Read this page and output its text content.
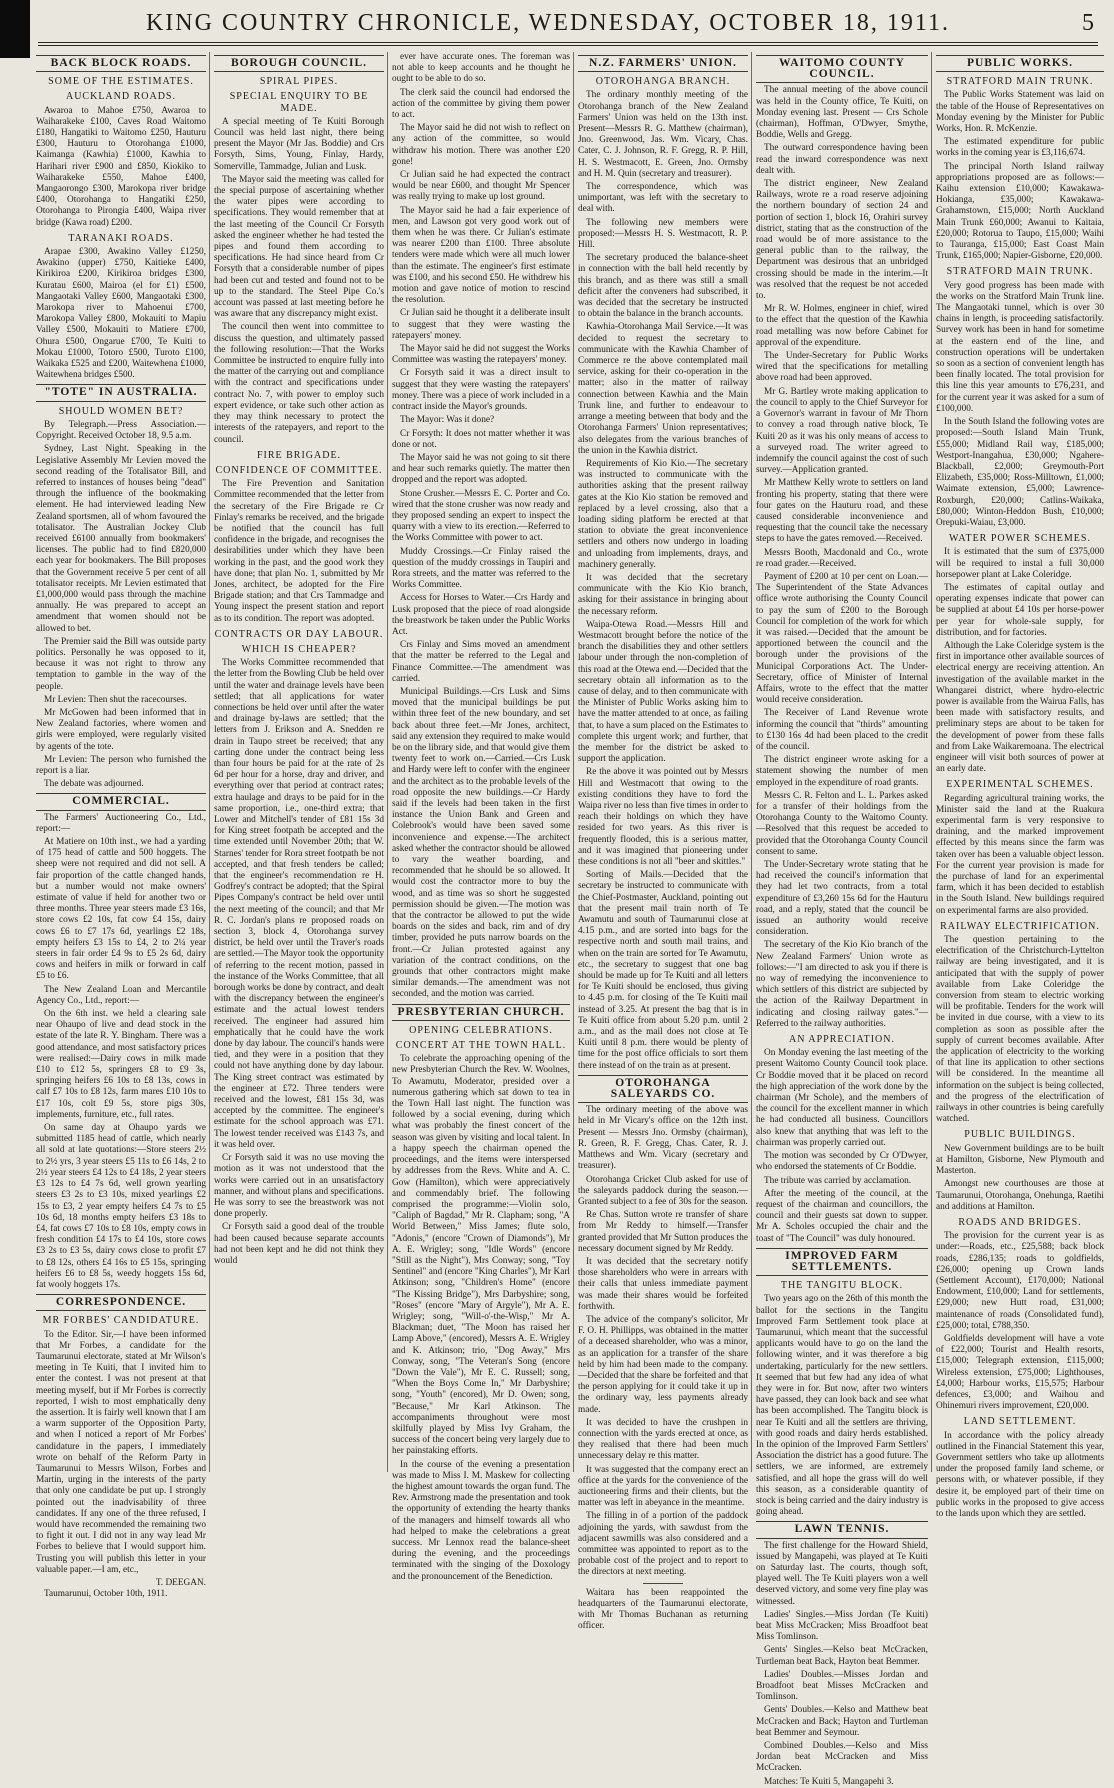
KING COUNTRY CHRONICLE, WEDNESDAY, OCTOBER 18, 1911.	5
BACK BLOCK ROADS.
SOME OF THE ESTIMATES.
AUCKLAND ROADS.

Awaroa to Mahoe £750, Awaroa to Waiharakeke £100, Caves Road Waitomo £180, Hangatiki to Waitomo £250, Hauturu £300, Hauturu to Otorohanga £1000, Kaimanga (Kawhia) £1000, Kawhia to Harihari river £900 and £850, Kiokiko to Waiharakeke £550, Mahoe £400, Mangaorongo £300, Marokopa river bridge £400, Otorohanga to Hangatiki £250, Otorohanga to Pirongia £400, Waipa river bridge (Kawa road) £200.

TARANAKI ROADS.

Arapae £300, Awakino Valley £1250, Awakino (upper) £750, Kaitieke £400, Kirikiroa £200, Kirikiroa bridges £300, Kuratau £600, Mairoa (el for £1) £500, Mangaotaki Valley £600, Mangaotaki £300, Marokopa river to Mahoenui £700, Marokopa Valley £800, Mokauiti to Mapiu Valley £500, Mokauiti to Matiere £700, Ohura £500, Ongarue £700, Te Kuiti to Mokau £1000, Totoro £500, Turoto £100, Waikaka £525 and £200, Waitewhena £1000, Waitewhena bridges £500.

"TOTE" IN AUSTRALIA.
SHOULD WOMEN BET?

By Telegraph.—Press Association.—Copyright. Received October 18, 9.5 a.m.

Sydney, Last Night. Speaking in the Legislative Assembly Mr Levien moved the second reading of the Totalisator Bill, and referred to instances of houses being "dead" through the influence of the bookmaking element. He had interviewed leading New Zealand sportsmen, all of whom favoured the totalisator. The Australian Jockey Club received £6100 annually from bookmakers' licenses. The public had to find £820,000 each year for bookmakers. The Bill proposes that the Government receive 5 per cent of all totalisator receipts. Mr Levien estimated that £1,000,000 would pass through the machine annually. He was prepared to accept an amendment that women should not be allowed to bet.

The Premier said the Bill was outside party politics. Personally he was opposed to it, because it was not right to throw any temptation to gamble in the way of the people.

Mr Levien: Then shut the racecourses.

Mr McGowen had been informed that in New Zealand factories, where women and girls were employed, were regularly visited by agents of the tote.

Mr Levien: The person who furnished the report is a liar.

The debate was adjourned.

COMMERCIAL.

The Farmers' Auctioneering Co., Ltd., report:—

At Matiere on 10th inst., we had a yarding of 175 head of cattle and 500 hoggets. The sheep were not required and did not sell. A fair proportion of the cattle changed hands, but a number would not make owners' estimate of value if held for another two or three months. Three year steers made £3 16s, store cows £2 10s, fat cow £4 15s, dairy cows £6 to £7 17s 6d, yearlings £2 18s, empty heifers £3 15s to £4, 2 to 2¼ year steers in fair order £4 9s to £5 2s 6d, dairy cows and heifers in milk or forward in calf £5 to £6.

The New Zealand Loan and Mercantile Agency Co., Ltd., report:—

On the 6th inst. we held a clearing sale near Ohaupo of live and dead stock in the estate of the late R. Y. Bingham. There was a good attendance, and most satisfactory prices were realised:—Dairy cows in milk made £10 to £12 5s, springers £8 to £9 3s, springing heifers £6 10s to £8 13s, cows in calf £7 10s to £8 12s, farm mares £10 10s to £17 10s, colt £9 5s, store pigs 30s, implements, furniture, etc., full rates.

On same day at Ohaupo yards we submitted 1185 head of cattle, which nearly all sold at late quotations:—Store steers 2½ to 2½ yrs, 3 year steers £5 11s to £6 14s, 2 to 2½ year steers £4 12s to £4 18s, 2 year steers £3 12s to £4 7s 6d, well grown yearling steers £3 2s to £3 10s, mixed yearlings £2 15s to £3, 2 year empty heifers £4 7s to £5 10s 6d, 18 months empty heifers £3 18s to £4, fat cows £7 10s to £8 10s, empty cows in fresh condition £4 17s to £4 10s, store cows £3 2s to £3 5s, dairy cows close to profit £7 to £8 12s, others £4 16s to £5 15s, springing heifers £6 to £8 5s, weedy hoggets 15s 6d, fat wooly hoggets 17s.

CORRESPONDENCE.
MR FORBES' CANDIDATURE.

To the Editor. Sir,—I have been informed that Mr Forbes, a candidate for the Taumarunui electorate, stated at Mr Wilson's meeting in Te Kuiti, that I invited him to enter the contest. I was not present at that meeting myself, but if Mr Forbes is correctly reported, I wish to most emphatically deny the assertion. It is fairly well known that I am a warm supporter of the Opposition Party, and when I noticed a report of Mr Forbes' candidature in the papers, I immediately wrote on behalf of the Reform Party in Taumarunui to Messrs Wilson, Forbes and Martin, urging in the interests of the party that only one candidate be put up. I strongly pointed out the inadvisability of three candidates. If any one of the three refused, I would have recommended the remaining two to fight it out. I did not in any way lead Mr Forbes to believe that I would support him. Trusting you will publish this letter in your valuable paper.—I am, etc.,

T. DEEGAN.

Taumarunui, October 10th, 1911.

BOROUGH COUNCIL.
SPIRAL PIPES.
SPECIAL ENQUIRY TO BE MADE.

A special meeting of Te Kuiti Borough Council was held last night, there being present the Mayor (Mr Jas. Boddie) and Crs Forsyth, Sims, Young, Finlay, Hardy, Somerville, Tammadge, Julian and Lusk.

The Mayor said the meeting was called for the special purpose of ascertaining whether the water pipes were according to specifications. They would remember that at the last meeting of the Council Cr Forsyth asked the engineer whether he had tested the pipes and found them according to specifications. He had since heard from Cr Forsyth that a considerable number of pipes had been cut and tested and found not to be up to the standard. The Steel Pipe Co.'s account was passed at last meeting before he was aware that any discrepancy might exist.

The council then went into committee to discuss the question, and ultimately passed the following resolution:—That the Works Committee be instructed to enquire fully into the matter of the carrying out and compliance with the contract and specifications under contract No. 7, with power to employ such expert evidence, or take such other action as they may think necessary to protect the interests of the ratepayers, and report to the council.

FIRE BRIGADE.
CONFIDENCE OF COMMITTEE.

The Fire Prevention and Sanitation Committee recommended that the letter from the secretary of the Fire Brigade re Cr Finlay's remarks be received, and the brigade be notified that the council has full confidence in the brigade, and recognises the desirabilities under which they have been working in the past, and the good work they have done; that plan No. 1, submitted by Mr Jones, architect, be adopted for the Fire Brigade station; and that Crs Tammadge and Young inspect the present station and report as to its condition. The report was adopted.

CONTRACTS OR DAY LABOUR.
WHICH IS CHEAPER?

The Works Committee recommended that the letter from the Bowling Club be held over until the water and drainage levels have been settled; that all applications for water connections be held over until after the water and drainage by-laws are settled; that the letters from J. Erikson and A. Snedden re drain in Taupo street be received; that any carting done under the contract being less than four hours be paid for at the rate of 2s 6d per hour for a horse, dray and driver, and everything over that period at contract rates; extra haulage and drays to be paid for in the same proportion, i.e., one-third extra; that Lower and Mitchell's tender of £81 15s 3d for King street footpath be accepted and the time extended until November 20th; that W. Starnes' tender for Rora street footpath be not accepted, and that fresh tenders be called; that the engineer's recommendation re H. Godfrey's contract be adopted; that the Spiral Pipes Company's contract be held over until the next meeting of the council; and that Mr R. C. Jordan's plans re proposed roads on section 3, block 4, Otorohanga survey district, be held over until the Traver's roads are settled.—The Mayor took the opportunity of referring to the recent motion, passed in the instance of the Works Committee, that all borough works be done by contract, and dealt with the discrepancy between the engineer's estimate and the actual lowest tenders received. The engineer had assured him emphatically that he could have the work done by day labour. The council's hands were tied, and they were in a position that they could not have anything done by day labour. The King street contract was estimated by the engineer at £72. Three tenders were received and the lowest, £81 15s 3d, was accepted by the committee. The engineer's estimate for the school approach was £71. The lowest tender received was £143 7s, and it was held over.

Cr Forsyth said it was no use moving the motion as it was not understood that the works were carried out in an unsatisfactory manner, and without plans and specifications. He was sorry to see the breastwork was not done properly.

Cr Forsyth said a good deal of the trouble had been caused because separate accounts had not been kept and he did not think they would

ever have accurate ones. The foreman was not able to keep accounts and he thought he ought to be able to do so.

The clerk said the council had endorsed the action of the committee by giving them power to act.

The Mayor said he did not wish to reflect on any action of the committee, so would withdraw his motion. There was another £20 gone!

Cr Julian said he had expected the contract would be near £600, and thought Mr Spencer was really trying to make up lost ground.

The Mayor said he had a fair experience of men, and Lawson got very good work out of them when he was there. Cr Julian's estimate was nearer £200 than £100. Three absolute tenders were made which were all much lower than the estimate. The engineer's first estimate was £100, and his second £50. He withdrew his motion and gave notice of motion to rescind the resolution.

Cr Julian said he thought it a deliberate insult to suggest that they were wasting the ratepayers' money.

The Mayor said he did not suggest the Works Committee was wasting the ratepayers' money.

Cr Forsyth said it was a direct insult to suggest that they were wasting the ratepayers' money. There was a piece of work included in a contract inside the Mayor's grounds.

The Mayor: Was it done?

Cr Forsyth: It does not matter whether it was done or not.

The Mayor said he was not going to sit there and hear such remarks quietly. The matter then dropped and the report was adopted.

Stone Crusher.—Messrs E. C. Porter and Co. wired that the stone crusher was now ready and they proposed sending an expert to inspect the quarry with a view to its erection.—Referred to the Works Committee with power to act.

Muddy Crossings.—Cr Finlay raised the question of the muddy crossings in Taupiri and Rora streets, and the matter was referred to the Works Committee.

Access for Horses to Water.—Crs Hardy and Lusk proposed that the piece of road alongside the breastwork be taken under the Public Works Act.

Crs Finlay and Sims moved an amendment that the matter be referred to the Legal and Finance Committee.—The amendment was carried.

Municipal Buildings.—Crs Lusk and Sims moved that the municipal buildings be put within three feet of the new boundary, and set back about three feet.—Mr Jones, architect, said any extension they required to make would be on the library side, and that would give them twenty feet to work on.—Carried.—Crs Lusk and Hardy were left to confer with the engineer and the architect as to the probable levels of the road opposite the new buildings.—Cr Hardy said if the levels had been taken in the first instance the Union Bank and Green and Colebrook's would have been saved some inconvenience and expense.—The architect asked whether the contractor should be allowed to vary the weather boarding, and recommended that he should be so allowed. It would cost the contractor more to buy the wood, and as time was so short he suggested permission should be given.—The motion was that the contractor be allowed to put the wide boards on the sides and back, rim and of dry timber, provided he puts narrow boards on the front.—Cr Julian protested against any variation of the contract conditions, on the grounds that other contractors might make similar demands.—The amendment was not seconded, and the motion was carried.

PRESBYTERIAN CHURCH.
OPENING CELEBRATIONS.
CONCERT AT THE TOWN HALL.

To celebrate the approaching opening of the new Presbyterian Church the Rev. W. Woolnes, To Awamutu, Moderator, presided over a numerous gathering which sat down to tea in the Town Hall last night. The function was followed by a social evening, during which what was probably the finest concert of the season was given by visiting and local talent. In a happy speech the chairman opened the proceedings, and the items were interspersed by addresses from the Revs. White and A. C. Gow (Hamilton), which were appreciatively and commendably brief. The following comprised the programme:—Violin solo, "Caliph of Bagdad," Mr R. Clapham; song, "A World Between," Miss James; flute solo, "Adonis," (encore "Crown of Diamonds"), Mr A. E. Wrigley; song, "Idle Words" (encore "Still as the Night"), Mrs Conway; song, "Toy Sentinel" and (encore "King Charles"), Mr Karl Atkinson; song, "Children's Home" (encore "The Kissing Bridge"), Mrs Darbyshire; song, "Roses" (encore "Mary of Argyle"), Mr A. E. Wrigley; song, "Will-o'-the-Wisp," Mr A. Blackman; duet, "The Moon has raised her Lamp Above," (encored), Messrs A. E. Wrigley and K. Atkinson; trio, "Dog Away," Mrs Conway, song, "The Veteran's Song (encore "Down the Vale"), Mr E. C. Russell; song, "When the Boys Come In," Mr Darbyshire; song, "Youth" (encored), Mr D. Owen; song, "Because," Mr Karl Atkinson. The accompaniments throughout were most skilfully played by Miss Ivy Graham, the success of the concert being very largely due to her painstaking efforts.

In the course of the evening a presentation was made to Miss I. M. Maskew for collecting the highest amount towards the organ fund. The Rev. Armstrong made the presentation and took the opportunity of extending the hearty thanks of the managers and himself towards all who had helped to make the celebrations a great success. Mr Lennox read the balance-sheet during the evening, and the proceedings terminated with the singing of the Doxology and the pronouncement of the Benediction.

N.Z. FARMERS' UNION.
OTOROHANGA BRANCH.

The ordinary monthly meeting of the Otorohanga branch of the New Zealand Farmers' Union was held on the 13th inst. Present—Messrs R. G. Matthew (chairman), Jno. Greenwood, Jas. Wm. Vicary, Chas. Cater, C. J. Johnson, R. F. Gregg, R. P. Hill, H. S. Westmacott, E. Green, Jno. Ormsby and H. M. Quin (secretary and treasurer).

The correspondence, which was unimportant, was left with the secretary to deal with.

The following new members were proposed:—Messrs H. S. Westmacott, R. P. Hill.

The secretary produced the balance-sheet in connection with the ball held recently by this branch, and as there was still a small deficit after the conveners had subscribed, it was decided that the secretary be instructed to obtain the balance in the branch accounts.

Kawhia-Otorohanga Mail Service.—It was decided to request the secretary to communicate with the Kawhia Chamber of Commerce re the above contemplated mail service, asking for their co-operation in the matter; also in the matter of railway connection between Kawhia and the Main Trunk line, and further to endeavour to arrange a meeting between that body and the Otorohanga Farmers' Union representatives; also delegates from the various branches of the union in the Kawhia district.

Requirements of Kio Kio.—The secretary was instructed to communicate with the authorities asking that the present railway gates at the Kio Kio station be removed and replaced by a level crossing, also that a loading siding platform be erected at that station to obviate the great inconvenience settlers and others now undergo in loading and unloading from implements, drays, and machinery generally.

It was decided that the secretary communicate with the Kio Kio branch, asking for their assistance in bringing about the necessary reform.

Waipa-Otewa Road.—Messrs Hill and Westmacott brought before the notice of the branch the disabilities they and other settlers labour under through the non-completion of this road at the Otewa end.—Decided that the secretary obtain all information as to the cause of delay, and to then communicate with the Minister of Public Works asking him to have the matter attended to at once, as failing that, to have a sum placed on the Estimates to complete this urgent work; and further, that the member for the district be asked to support the application.

Re the above it was pointed out by Messrs Hill and Westmacott that owing to the existing conditions they have to ford the Waipa river no less than five times in order to reach their holdings on which they have resided for two years. As this river is frequently flooded, this is a serious matter, and it was imagined that pioneering under these conditions is not all "beer and skittles."

Sorting of Mails.—Decided that the secretary be instructed to communicate with the Chief-Postmaster, Auckland, pointing out that the present mail train north of Te Awamutu and south of Taumarunui close at 4.15 p.m., and are sorted into bags for the respective north and south mail trains, and when on the train are sorted for Te Awamutu, etc., the secretary to suggest that one bag should be made up for Te Kuiti and all letters for Te Kuiti should be enclosed, thus giving to 4.45 p.m. for closing of the Te Kuiti mail instead of 3.25. At present the bag that is in Te Kuiti office from about 5.20 p.m. until 2 a.m., and as the mail does not close at Te Kuiti until 8 p.m. there would be plenty of time for the post office officials to sort them there instead of on the train as at present.

OTOROHANGA SALEYARDS CO.

The ordinary meeting of the above was held in Mr Vicary's office on the 12th inst. Present — Messrs Jno. Ormsby (chairman), R. Green, R. F. Gregg, Chas. Cater, R. J. Matthews and Wm. Vicary (secretary and treasurer).

Otorohanga Cricket Club asked for use of the saleyards paddock during the season.—Granted subject to a fee of 30s for the season.

Re Chas. Sutton wrote re transfer of share from Mr Reddy to himself.—Transfer granted provided that Mr Sutton produces the necessary document signed by Mr Reddy.

It was decided that the secretary notify those shareholders who were in arrears with their calls that unless immediate payment was made their shares would be forfeited forthwith.

The advice of the company's solicitor, Mr F. O. H. Phillipps, was obtained in the matter of a deceased shareholder, who was a minor, as an application for a transfer of the share held by him had been made to the company.—Decided that the share be forfeited and that the person applying for it could take it up in the ordinary way, less payments already made.

It was decided to have the crushpen in connection with the yards erected at once, as they realised that there had been much unnecessary delay re this matter.

It was suggested that the company erect an office at the yards for the convenience of the auctioneering firms and their clients, but the matter was left in abeyance in the meantime.

The filling in of a portion of the paddock adjoining the yards, with sawdust from the adjacent sawmills was also considered and a committee was appointed to report as to the probable cost of the project and to report to the directors at next meeting.

Waitara has been reappointed the headquarters of the Taumarunui electorate, with Mr Thomas Buchanan as returning officer.

WAITOMO COUNTY COUNCIL.

The annual meeting of the above council was held in the County office, Te Kuiti, on Monday evening last. Present — Crs Schole (chairman), Hoffman, O'Dwyer, Smythe, Boddie, Wells and Gregg.

The outward correspondence having been read the inward correspondence was next dealt with.

The district engineer, New Zealand Railways, wrote re a road reserve adjoining the northern boundary of section 24 and portion of section 1, block 16, Orahiri survey district, stating that as the construction of the road would be of more assistance to the general public than to the railway, the Department was desirous that an unbridged crossing should be made in the interim.—It was resolved that the request be not acceded to.

Mr R. W. Holmes, engineer in chief, wired to the effect that the question of the Kawhia road metalling was now before Cabinet for approval of the expenditure.

The Under-Secretary for Public Works wired that the specifications for metalling above road had been approved.

Mr G. Bartley wrote making application to the council to apply to the Chief Surveyor for a Governor's warrant in favour of Mr Thorn to convey a road through native block, Te Kuiti 20 as it was his only means of access to a surveyed road. The writer agreed to indemnify the council against the cost of such survey.—Application granted.

Mr Matthew Kelly wrote to settlers on land fronting his property, stating that there were four gates on the Hauturu road, and these caused considerable inconvenience and requesting that the council take the necessary steps to have the gates removed.—Received.

Messrs Booth, Macdonald and Co., wrote re road grader.—Received.

Payment of £200 at 10 per cent on Loan.—The Superintendent of the State Advances office wrote authorising the County Council to pay the sum of £200 to the Borough Council for completion of the work for which it was raised.—Decided that the amount be apportioned between the council and the borough under the provisions of the Municipal Corporations Act. The Under-Secretary, office of Minister of Internal Affairs, wrote to the effect that the matter would receive consideration.

The Receiver of Land Revenue wrote informing the council that "thirds" amounting to £130 16s 4d had been placed to the credit of the council.

The district engineer wrote asking for a statement showing the number of men employed in the expenditure of road grants.

Messrs C. R. Felton and L. L. Parkes asked for a transfer of their holdings from the Otorohanga County to the Waitomo County.—Resolved that this request be acceded to provided that the Otorohanga County Council consent to same.

The Under-Secretary wrote stating that he had received the council's information that they had let two contracts, from a total expenditure of £3,260 15s 6d for the Hauturu road, and a reply, stated that the council be issued an authority would receive consideration.

The secretary of the Kio Kio branch of the New Zealand Farmers' Union wrote as follows:—"I am directed to ask you if there is no way of remedying the inconvenience to which settlers of this district are subjected by the action of the Railway Department in indicating and closing railway gates."—Referred to the railway authorities.

AN APPRECIATION.

On Monday evening the last meeting of the present Waitomo County Council took place. Cr Boddie moved that it be placed on record the high appreciation of the work done by the chairman (Mr Schole), and the members of the council for the excellent manner in which he had conducted all business. Councillors also knew that anything that was left to the chairman was properly carried out.

The motion was seconded by Cr O'Dwyer, who endorsed the statements of Cr Boddie.

The tribute was carried by acclamation.

After the meeting of the council, at the request of the chairman and councillors, the council and their guests sat down to supper. Mr A. Scholes occupied the chair and the toast of "The Council" was duly honoured.

IMPROVED FARM SETTLEMENTS.
THE TANGITU BLOCK.

Two years ago on the 26th of this month the ballot for the sections in the Tangitu Improved Farm Settlement took place at Taumarunui, which meant that the successful applicants would have to go on the land the following winter, and it was therefore a big undertaking, particularly for the new settlers. It seemed that but few had any idea of what they were in for. But now, after two winters have passed, they can look back and see what has been accomplished. The Tangitu block is near Te Kuiti and all the settlers are thriving, with good roads and dairy herds established. In the opinion of the Improved Farm Settlers' Association the district has a good future. The settlers, we are informed, are extremely satisfied, and all hope the grass will do well this season, as a considerable quantity of stock is being carried and the dairy industry is going ahead.

LAWN TENNIS.

The first challenge for the Howard Shield, issued by Mangapehi, was played at Te Kuiti on Saturday last. The courts, though soft, played well. The Te Kuiti players won a well deserved victory, and some very fine play was witnessed.

Ladies' Singles.—Miss Jordan (Te Kuiti) beat Miss McCracken; Miss Broadfoot beat Miss Tomlinson.

Gents' Singles.—Kelso beat McCracken, Turtleman beat Back, Hayton beat Bemmer.

Ladies' Doubles.—Misses Jordan and Broadfoot beat Misses McCracken and Tomlinson.

Gents' Doubles.—Kelso and Matthew beat McCracken and Back; Hayton and Turtleman beat Bemmer and Seymour.

Combined Doubles.—Kelso and Miss Jordan beat McCracken and Miss McCracken.

Matches: Te Kuiti 5, Mangapehi 3.

PUBLIC WORKS.
STRATFORD MAIN TRUNK.

The Public Works Statement was laid on the table of the House of Representatives on Monday evening by the Minister for Public Works, Hon. R. McKenzie.

The estimated expenditure for public works in the coming year is £3,116,674.

The principal North Island railway appropriations proposed are as follows:— Kaihu extension £10,000; Kawakawa-Hokianga, £35,000; Kawakawa-Grahamstown, £15,000; North Auckland Main Trunk £60,000; Awanui to Kaitaia, £20,000; Rotorua to Taupo, £15,000; Waihi to Tauranga, £15,000; East Coast Main Trunk, £165,000; Napier-Gisborne, £20,000.

STRATFORD MAIN TRUNK.

Very good progress has been made with the works on the Stratford Main Trunk line. The Mangaotaki tunnel, which is over 30 chains in length, is proceeding satisfactorily. Survey work has been in hand for sometime at the eastern end of the line, and construction operations will be undertaken so soon as a section of convenient length has been finally located. The total provision for this line this year amounts to £76,231, and for the current year it was asked for a sum of £100,000.

In the South Island the following votes are proposed:—South Island Main Trunk, £55,000; Midland Rail way, £185,000; Westport-Inangahua, £30,000; Ngahere-Blackball, £2,000; Greymouth-Port Elizabeth, £35,000; Ross-Milltown, £1,000; Waimate extension, £5,000; Lawrence-Roxburgh, £20,000; Catlins-Waikaka, £80,000; Winton-Heddon Bush, £10,000; Orepuki-Waiau, £3,000.

WATER POWER SCHEMES.

It is estimated that the sum of £375,000 will be required to instal a full 30,000 horsepower plant at Lake Coleridge.

The estimates of capital outlay and operating expenses indicate that power can be supplied at about £4 10s per horse-power per year for whole-sale supply, for distribution, and for factories.

Although the Lake Coleridge system is the first in importance other available sources of electrical energy are receiving attention. An investigation of the available market in the Whangarei district, where hydro-electric power is available from the Wairua Falls, has been made with satisfactory results, and preliminary steps are about to be taken for the development of power from these falls and from Lake Waikaremoana. The electrical engineer will visit both sources of power at an early date.

EXPERIMENTAL SCHEMES.

Regarding agricultural training works, the Minister said the land at the Ruakura experimental farm is very responsive to draining, and the marked improvement effected by this means since the farm was taken over has been a valuable object lesson. For the current year provision is made for the purchase of land for an experimental farm, which it has been decided to establish in the South Island. New buildings required on experimental farms are also provided.

RAILWAY ELECTRIFICATION.

The question pertaining to the electrification of the Christchurch-Lyttelton railway are being investigated, and it is anticipated that with the supply of power available from Lake Coleridge the conversion from steam to electric working will be profitable. Tenders for the work will be invited in due course, with a view to its completion as soon as possible after the supply of current becomes available. After the application of electricity to the working of that line its application to other sections will be considered. In the meantime all information on the subject is being collected, and the progress of the electrification of railways in other countries is being carefully watched.

PUBLIC BUILDINGS.

New Government buildings are to be built at Hamilton, Gisborne, New Plymouth and Masterton.

Amongst new courthouses are those at Taumarunui, Otorohanga, Onehunga, Raetihi and additions at Hamilton.

ROADS AND BRIDGES.

The provision for the current year is as under:—Roads, etc., £25,588; back block roads, £286,135; roads to goldfields, £26,000; opening up Crown lands (Settlement Account), £170,000; National Endowment, £10,000; Land for settlements, £29,000; new Hutt road, £31,000; maintenance of roads (Consolidated fund), £25,000; total, £788,350.

Goldfields development will have a vote of £22,000; Tourist and Health resorts, £15,000; Telegraph extension, £115,000; Wireless extension, £75,000; Lighthouses, £4,000; Harbour works, £15,575; Harbour defences, £3,000; and Waihou and Ohinemuri rivers improvement, £20,000.

LAND SETTLEMENT.

In accordance with the policy already outlined in the Financial Statement this year, Government settlers who take up allotments under the proposed family land scheme, or persons with, or whatever possible, if they desire it, be employed part of their time on public works in the proposed to give access to the lands upon which they are settled.
